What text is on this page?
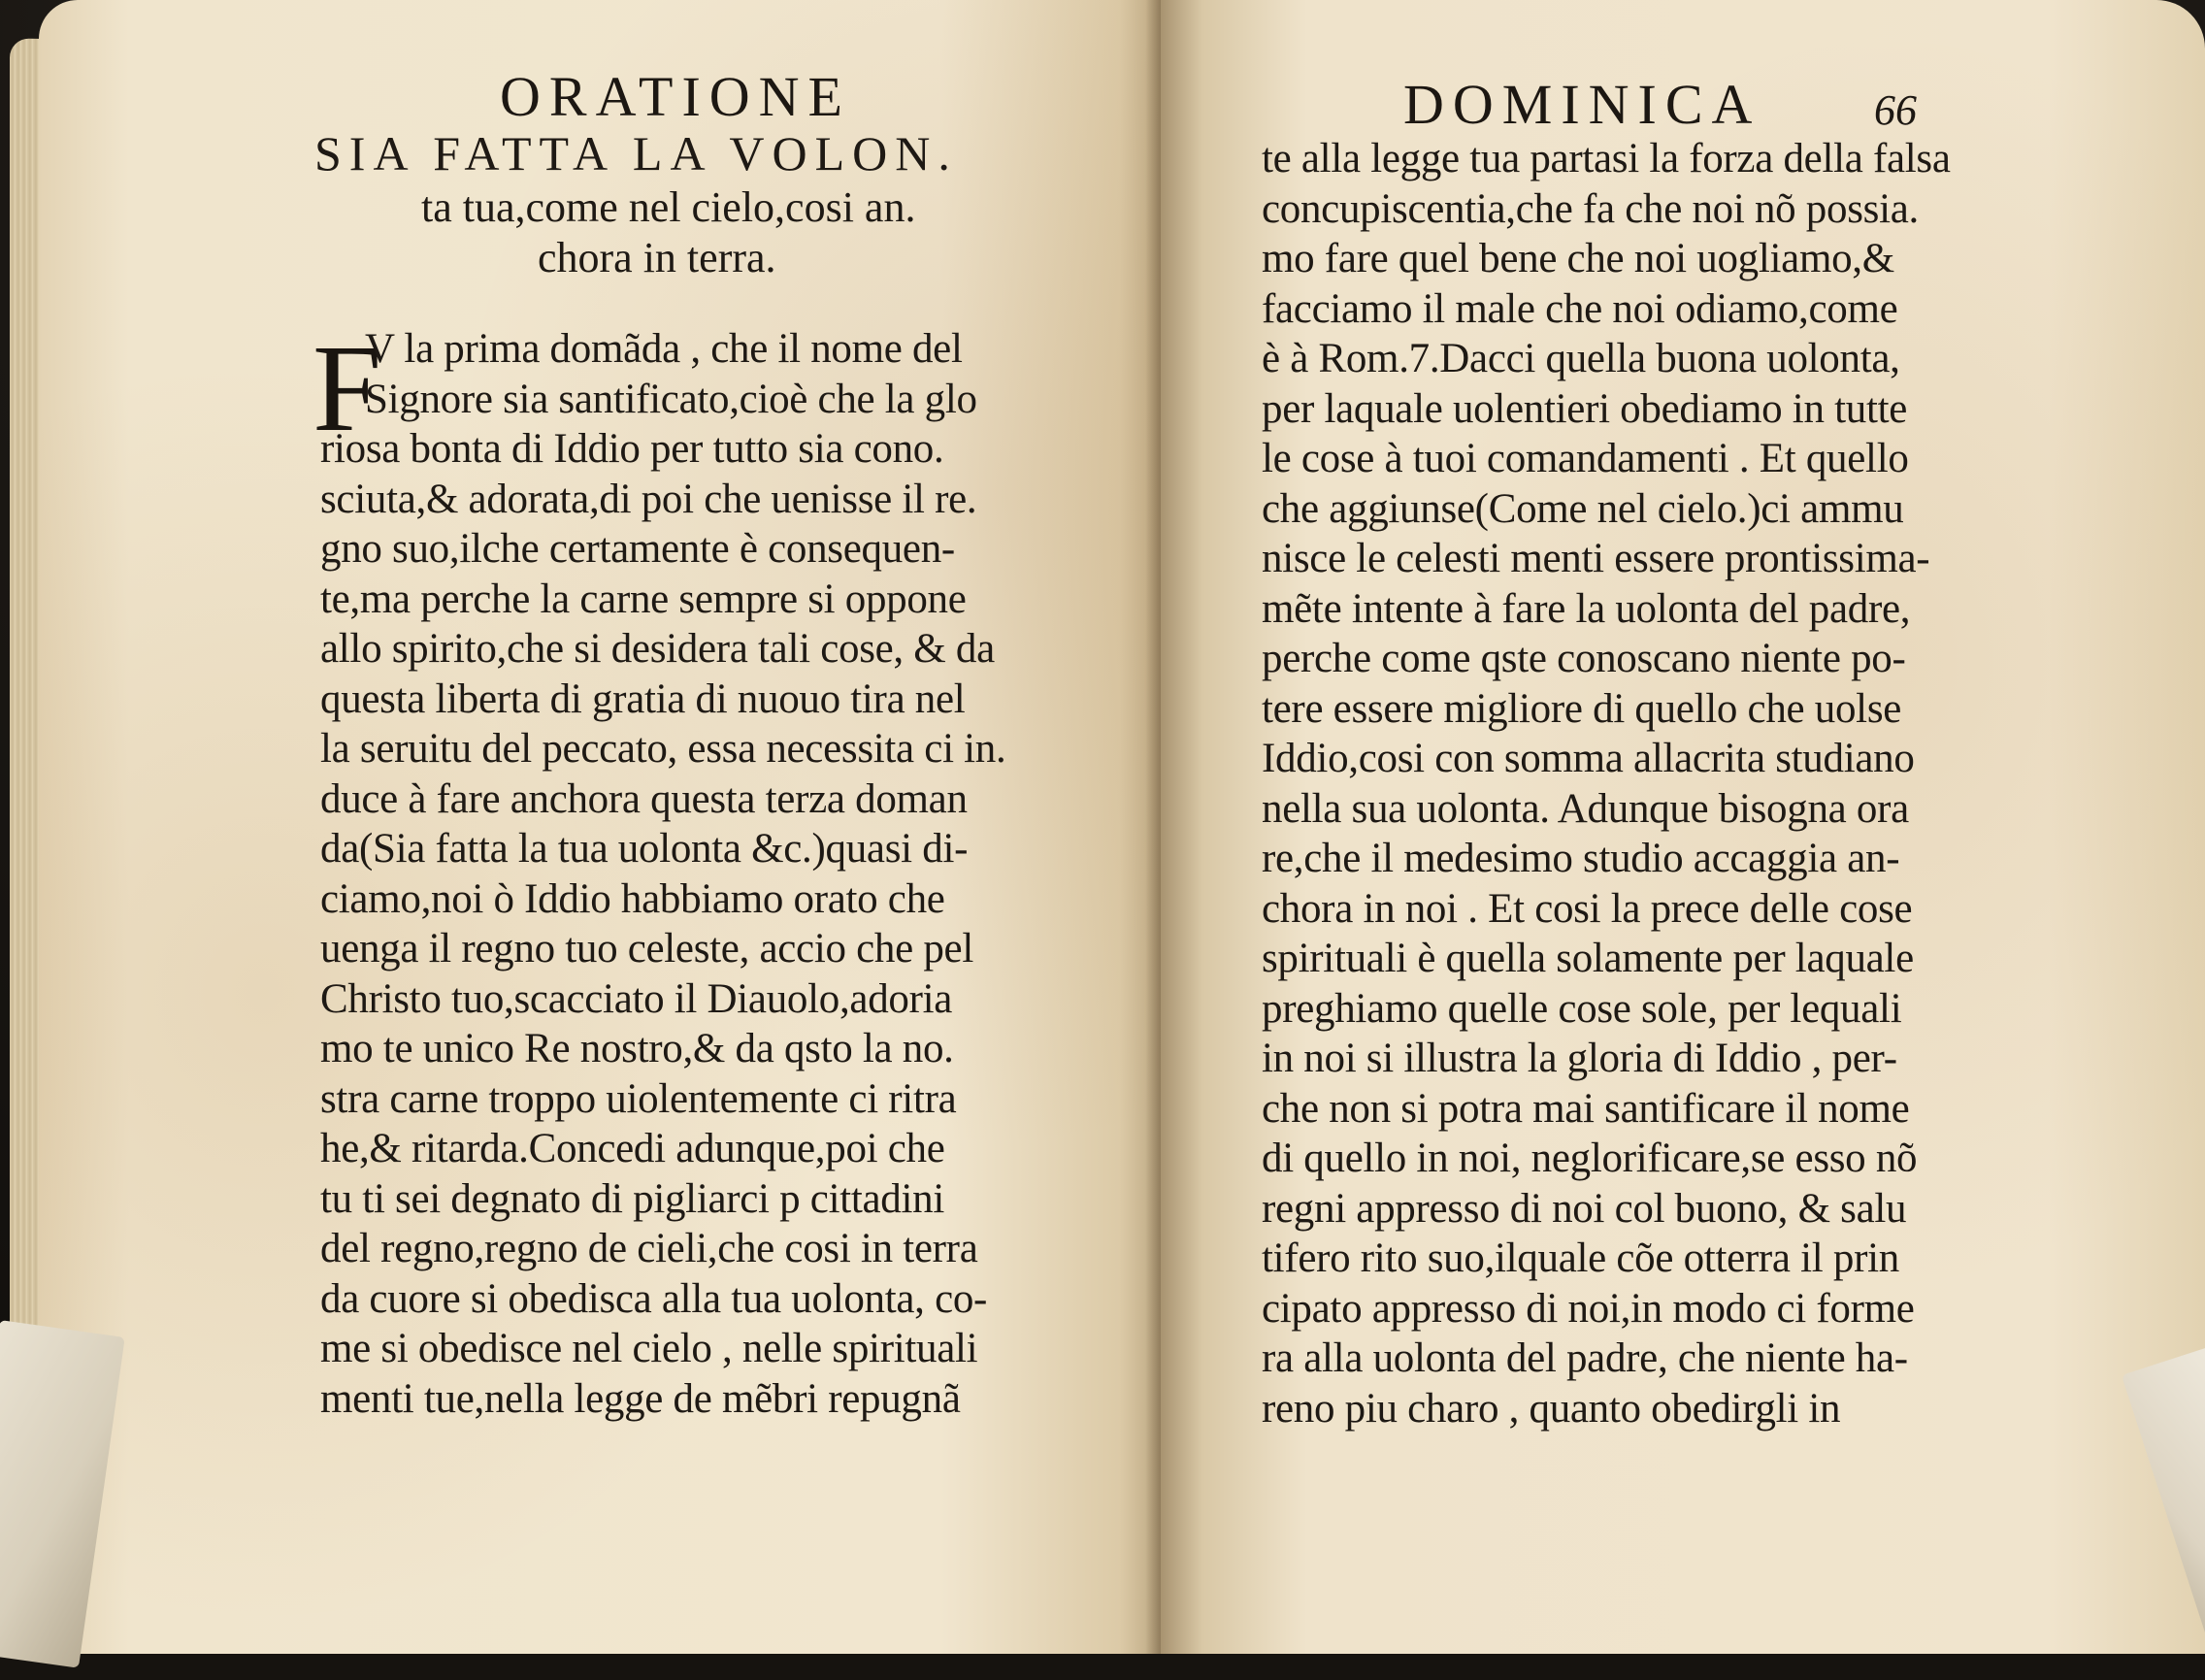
ORATIONE
SIA FATTA LA VOLON.
ta tua,come nel cielo,cosi an.
chora in terra.
F
V la prima domãda , che il nome del
Signore sia santificato,cioè che la glo
riosa bonta di Iddio per tutto sia cono.
sciuta,& adorata,di poi che uenisse il re.
gno suo,ilche certamente è consequen-
te,ma perche la carne sempre si oppone
allo spirito,che si desidera tali cose, & da
questa liberta di gratia di nuouo tira nel
la seruitu del peccato, essa necessita ci in.
duce à fare anchora questa terza doman
da(Sia fatta la tua uolonta &c.)quasi di-
ciamo,noi ò Iddio habbiamo orato che
uenga il regno tuo celeste, accio che pel
Christo tuo,scacciato il Diauolo,adoria
mo te unico Re nostro,& da qsto la no.
stra carne troppo uiolentemente ci ritra
he,& ritarda.Concedi adunque,poi che
tu ti sei degnato di pigliarci p cittadini
del regno,regno de cieli,che cosi in terra
da cuore si obedisca alla tua uolonta, co-
me si obedisce nel cielo , nelle spirituali
menti tue,nella legge de mẽbri repugnã
DOMINICA	66
te alla legge tua partasi la forza della falsa
concupiscentia,che fa che noi nõ possia.
mo fare quel bene che noi uogliamo,&
facciamo il male che noi odiamo,come
è à Rom.7.Dacci quella buona uolonta,
per laquale uolentieri obediamo in tutte
le cose à tuoi comandamenti . Et quello
che aggiunse(Come nel cielo.)ci ammu
nisce le celesti menti essere prontissima-
mẽte intente à fare la uolonta del padre,
perche come qste conoscano niente po-
tere essere migliore di quello che uolse
Iddio,cosi con somma allacrita studiano
nella sua uolonta. Adunque bisogna ora
re,che il medesimo studio accaggia an-
chora in noi . Et cosi la prece delle cose
spirituali è quella solamente per laquale
preghiamo quelle cose sole, per lequali
in noi si illustra la gloria di Iddio , per-
che non si potra mai santificare il nome
di quello in noi, neglorificare,se esso nõ
regni appresso di noi col buono, & salu
tifero rito suo,ilquale cõe otterra il prin
cipato appresso di noi,in modo ci forme
ra alla uolonta del padre, che niente ha-
reno piu charo , quanto obedirgli in
